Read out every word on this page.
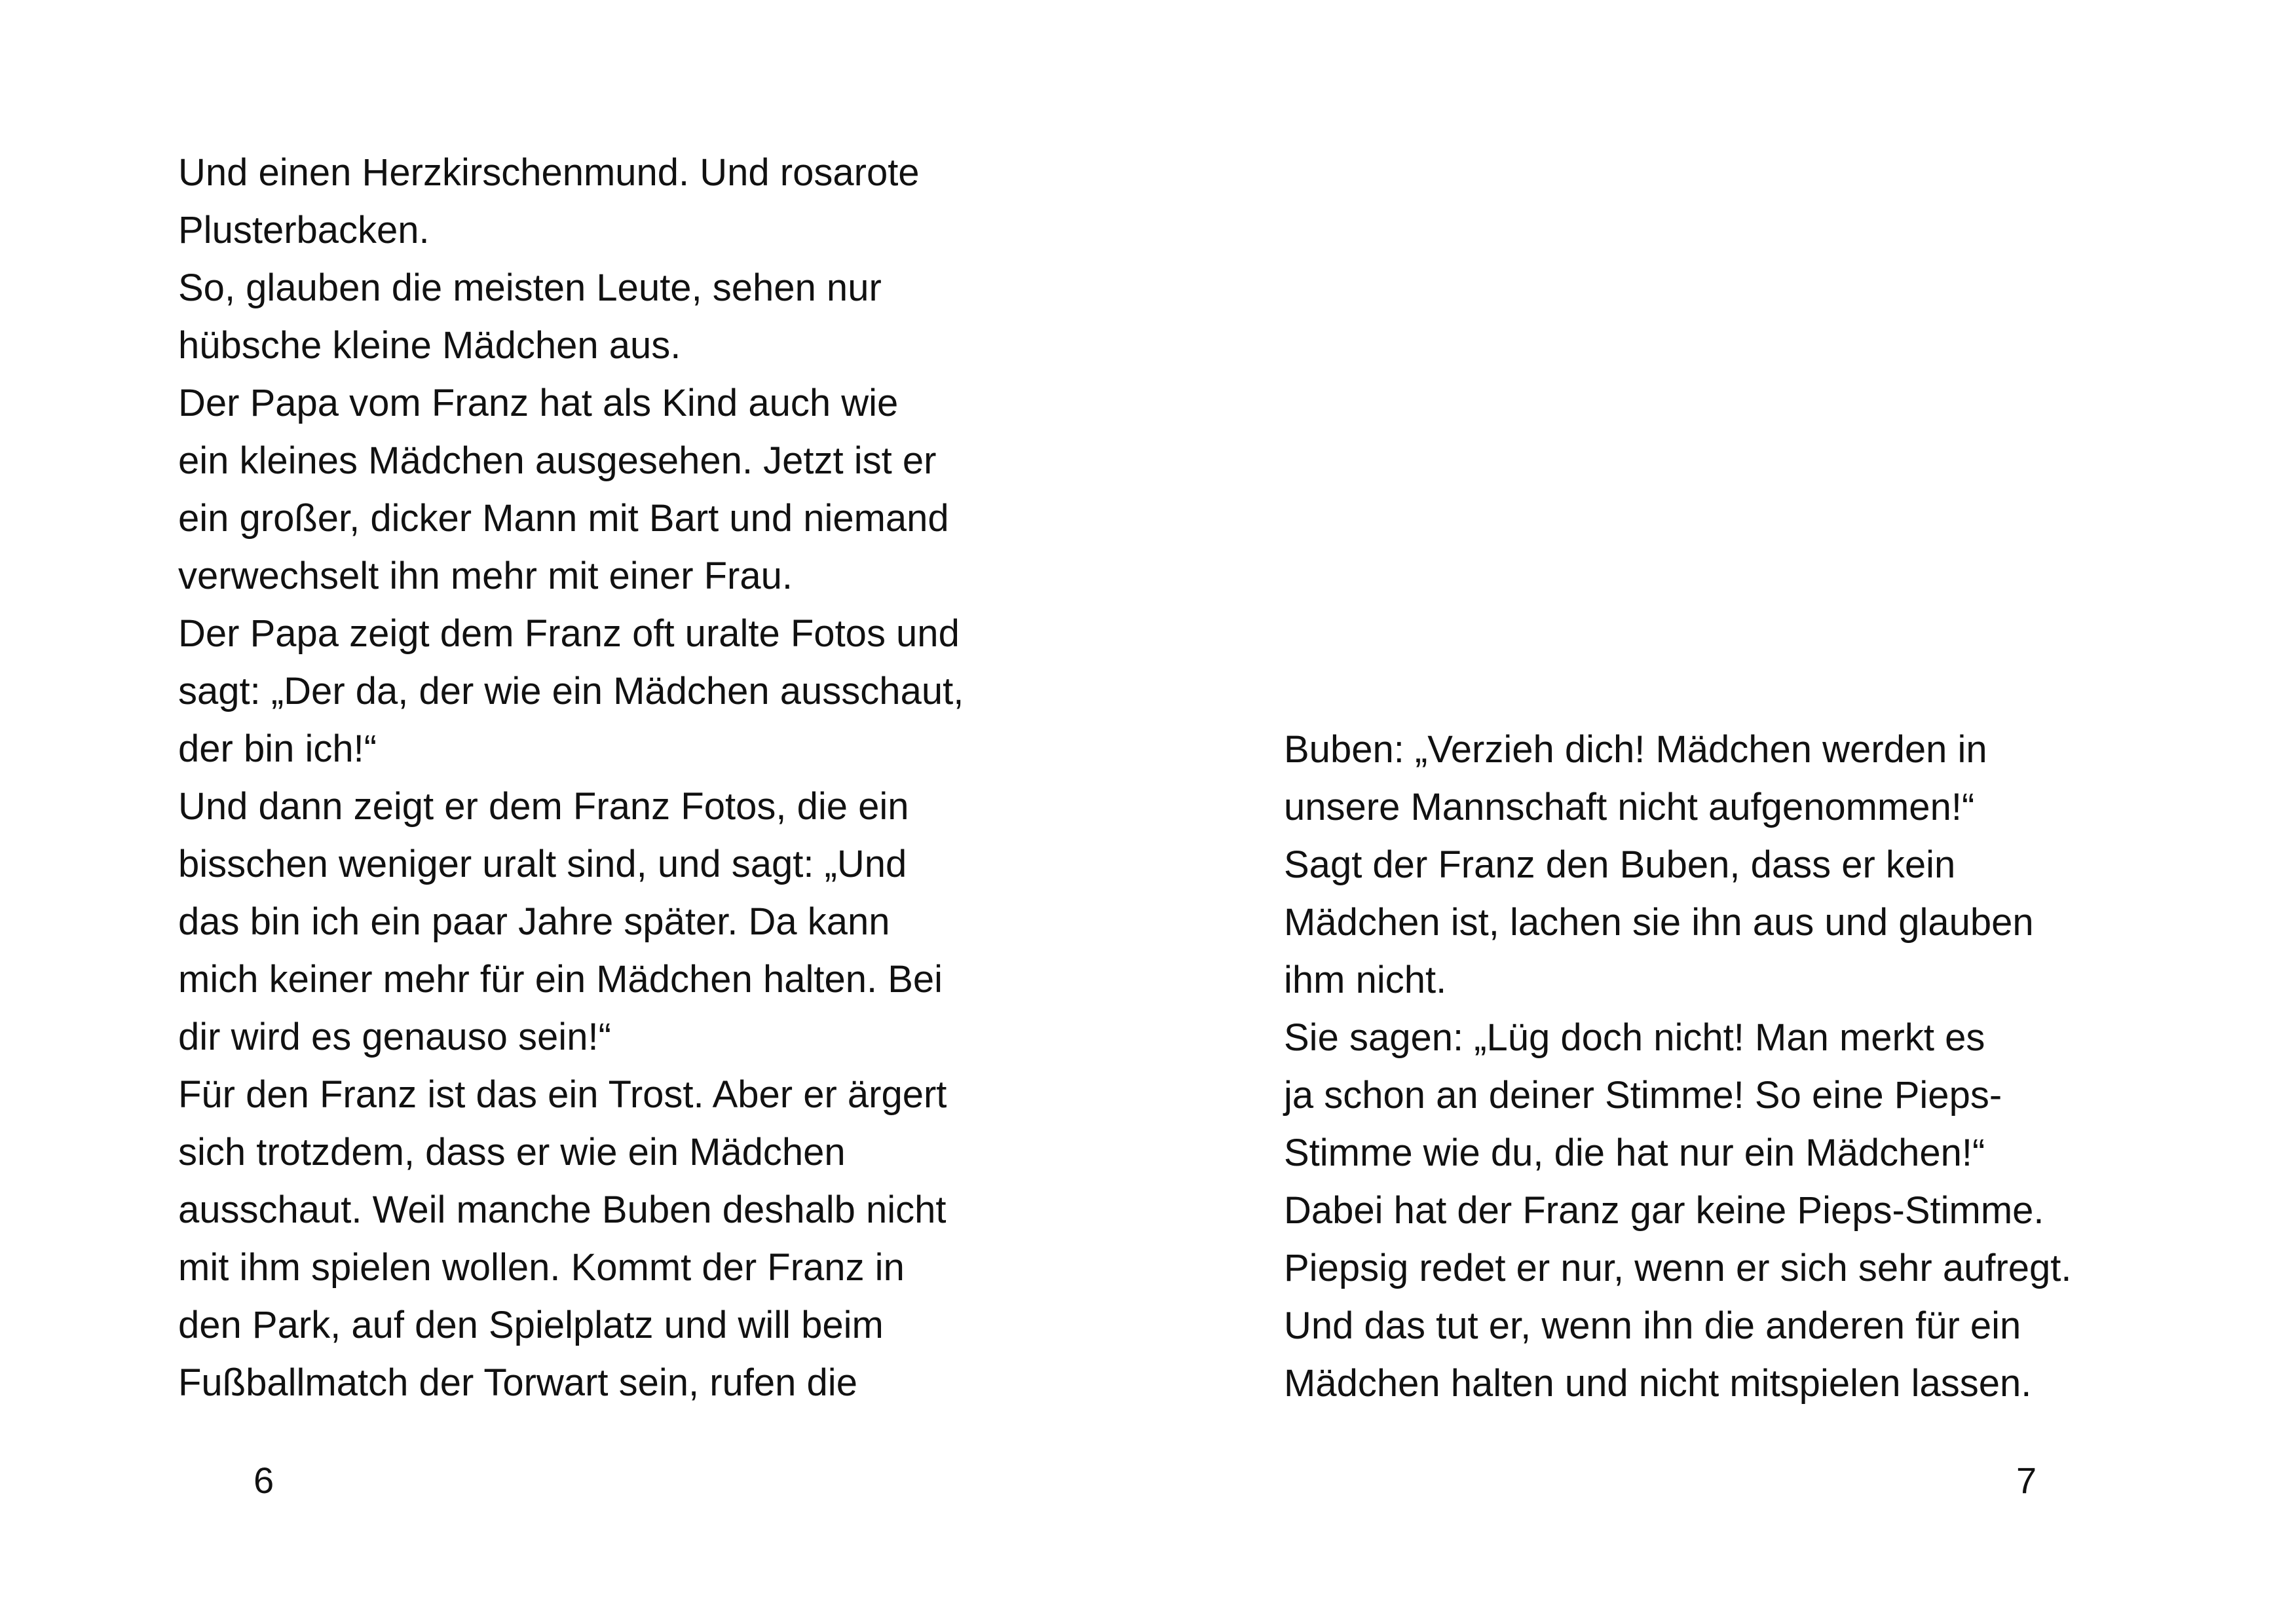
Und einen Herzkirschenmund. Und rosarote
Plusterbacken.
So, glauben die meisten Leute, sehen nur
hübsche kleine Mädchen aus.
Der Papa vom Franz hat als Kind auch wie
ein kleines Mädchen ausgesehen. Jetzt ist er
ein großer, dicker Mann mit Bart und niemand
verwechselt ihn mehr mit einer Frau.
Der Papa zeigt dem Franz oft uralte Fotos und
sagt: „Der da, der wie ein Mädchen ausschaut,
der bin ich!“
Und dann zeigt er dem Franz Fotos, die ein
bisschen weniger uralt sind, und sagt: „Und
das bin ich ein paar Jahre später. Da kann
mich keiner mehr für ein Mädchen halten. Bei
dir wird es genauso sein!“
Für den Franz ist das ein Trost. Aber er ärgert
sich trotzdem, dass er wie ein Mädchen
ausschaut. Weil manche Buben deshalb nicht
mit ihm spielen wollen. Kommt der Franz in
den Park, auf den Spielplatz und will beim
Fußballmatch der Torwart sein, rufen die
6
Buben: „Verzieh dich! Mädchen werden in
unsere Mannschaft nicht aufgenommen!“
Sagt der Franz den Buben, dass er kein
Mädchen ist, lachen sie ihn aus und glauben
ihm nicht.
Sie sagen: „Lüg doch nicht! Man merkt es
ja schon an deiner Stimme! So eine Pieps-
Stimme wie du, die hat nur ein Mädchen!“
Dabei hat der Franz gar keine Pieps-Stimme.
Piepsig redet er nur, wenn er sich sehr aufregt.
Und das tut er, wenn ihn die anderen für ein
Mädchen halten und nicht mitspielen lassen.
7
